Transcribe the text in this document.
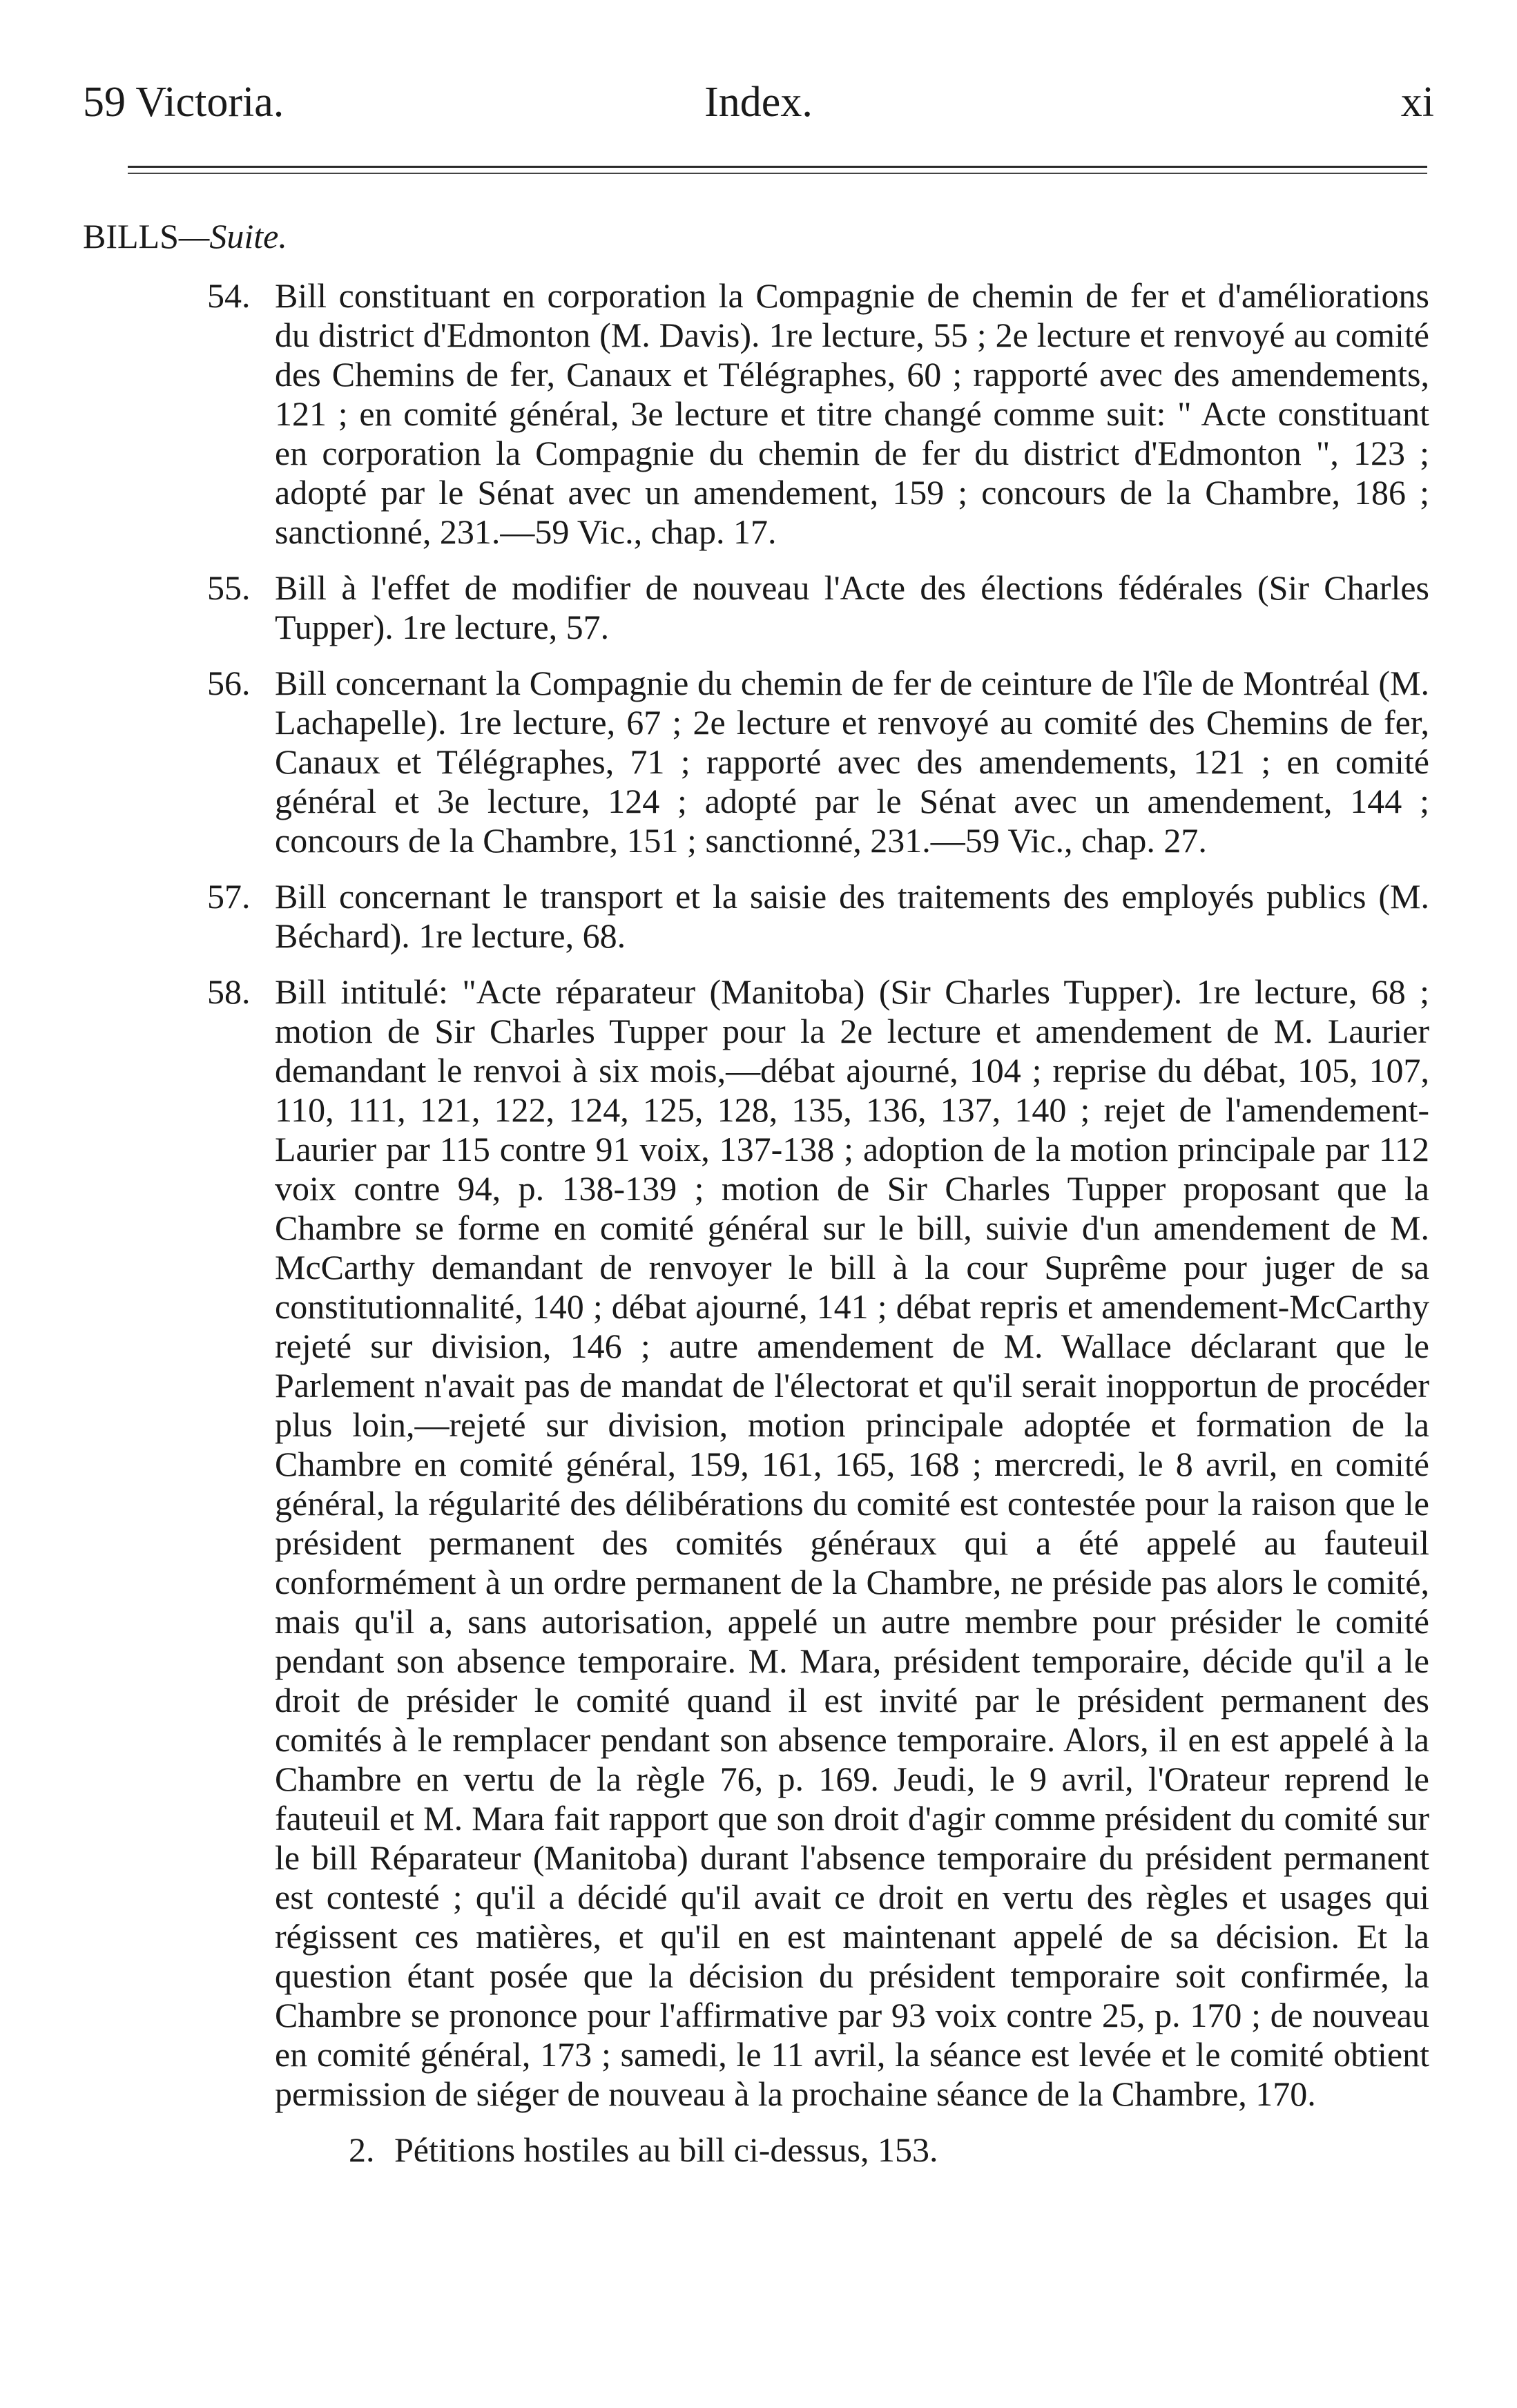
59 Victoria.	Index.	xi
BILLS—Suite.
54. Bill constituant en corporation la Compagnie de chemin de fer et d'améliorations du district d'Edmonton (M. Davis). 1re lecture, 55 ; 2e lecture et renvoyé au comité des Chemins de fer, Canaux et Télégraphes, 60 ; rapporté avec des amendements, 121 ; en comité général, 3e lecture et titre changé comme suit: " Acte constituant en corporation la Compagnie du chemin de fer du district d'Edmonton ", 123 ; adopté par le Sénat avec un amendement, 159 ; concours de la Chambre, 186 ; sanctionné, 231.—59 Vic., chap. 17.
55. Bill à l'effet de modifier de nouveau l'Acte des élections fédérales (Sir Charles Tupper). 1re lecture, 57.
56. Bill concernant la Compagnie du chemin de fer de ceinture de l'île de Montréal (M. Lachapelle). 1re lecture, 67 ; 2e lecture et renvoyé au comité des Chemins de fer, Canaux et Télégraphes, 71 ; rapporté avec des amendements, 121 ; en comité général et 3e lecture, 124 ; adopté par le Sénat avec un amendement, 144 ; concours de la Chambre, 151 ; sanctionné, 231.—59 Vic., chap. 27.
57. Bill concernant le transport et la saisie des traitements des employés publics (M. Béchard). 1re lecture, 68.
58. Bill intitulé: "Acte réparateur (Manitoba) (Sir Charles Tupper). 1re lecture, 68 ; motion de Sir Charles Tupper pour la 2e lecture et amendement de M. Laurier demandant le renvoi à six mois,—débat ajourné, 104 ; reprise du débat, 105, 107, 110, 111, 121, 122, 124, 125, 128, 135, 136, 137, 140 ; rejet de l'amendement-Laurier par 115 contre 91 voix, 137-138 ; adoption de la motion principale par 112 voix contre 94, p. 138-139 ; motion de Sir Charles Tupper proposant que la Chambre se forme en comité général sur le bill, suivie d'un amendement de M. McCarthy demandant de renvoyer le bill à la cour Suprême pour juger de sa constitutionnalité, 140 ; débat ajourné, 141 ; débat repris et amendement-McCarthy rejeté sur division, 146 ; autre amendement de M. Wallace déclarant que le Parlement n'avait pas de mandat de l'électorat et qu'il serait inopportun de procéder plus loin,—rejeté sur division, motion principale adoptée et formation de la Chambre en comité général, 159, 161, 165, 168 ; mercredi, le 8 avril, en comité général, la régularité des délibérations du comité est contestée pour la raison que le président permanent des comités généraux qui a été appelé au fauteuil conformément à un ordre permanent de la Chambre, ne préside pas alors le comité, mais qu'il a, sans autorisation, appelé un autre membre pour présider le comité pendant son absence temporaire. M. Mara, président temporaire, décide qu'il a le droit de présider le comité quand il est invité par le président permanent des comités à le remplacer pendant son absence temporaire. Alors, il en est appelé à la Chambre en vertu de la règle 76, p. 169. Jeudi, le 9 avril, l'Orateur reprend le fauteuil et M. Mara fait rapport que son droit d'agir comme président du comité sur le bill Réparateur (Manitoba) durant l'absence temporaire du président permanent est contesté ; qu'il a décidé qu'il avait ce droit en vertu des règles et usages qui régissent ces matières, et qu'il en est maintenant appelé de sa décision. Et la question étant posée que la décision du président temporaire soit confirmée, la Chambre se prononce pour l'affirmative par 93 voix contre 25, p. 170 ; de nouveau en comité général, 173 ; samedi, le 11 avril, la séance est levée et le comité obtient permission de siéger de nouveau à la prochaine séance de la Chambre, 170.
2. Pétitions hostiles au bill ci-dessus, 153.
